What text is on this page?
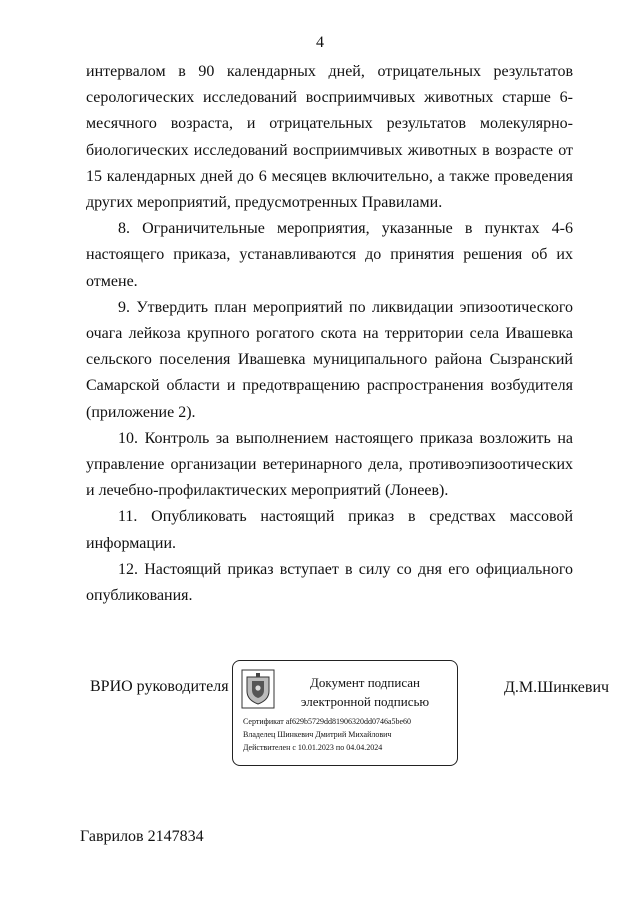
4

интервалом в 90 календарных дней, отрицательных результатов серологических исследований восприимчивых животных старше 6-месячного возраста, и отрицательных результатов молекулярно-биологических исследований восприимчивых животных в возрасте от 15 календарных дней до 6 месяцев включительно, а также проведения других мероприятий, предусмотренных Правилами.

8. Ограничительные мероприятия, указанные в пунктах 4-6 настоящего приказа, устанавливаются до принятия решения об их отмене.

9. Утвердить план мероприятий по ликвидации эпизоотического очага лейкоза крупного рогатого скота на территории села Ивашевка сельского поселения Ивашевка муниципального района Сызранский Самарской области и предотвращению распространения возбудителя (приложение 2).

10. Контроль за выполнением настоящего приказа возложить на управление организации ветеринарного дела, противоэпизоотических и лечебно-профилактических мероприятий (Лонеев).

11. Опубликовать настоящий приказ в средствах массовой информации.

12. Настоящий приказ вступает в силу со дня его официального опубликования.

ВРИО руководителя	Документ подписан
электронной подписью
Сертификат af629b5729dd81906320dd0746a5be60
Владелец Шинкевич Дмитрий Михайлович
Действителен с 10.01.2023 по 04.04.2024
Д.М.Шинкевич
Гаврилов 2147834
